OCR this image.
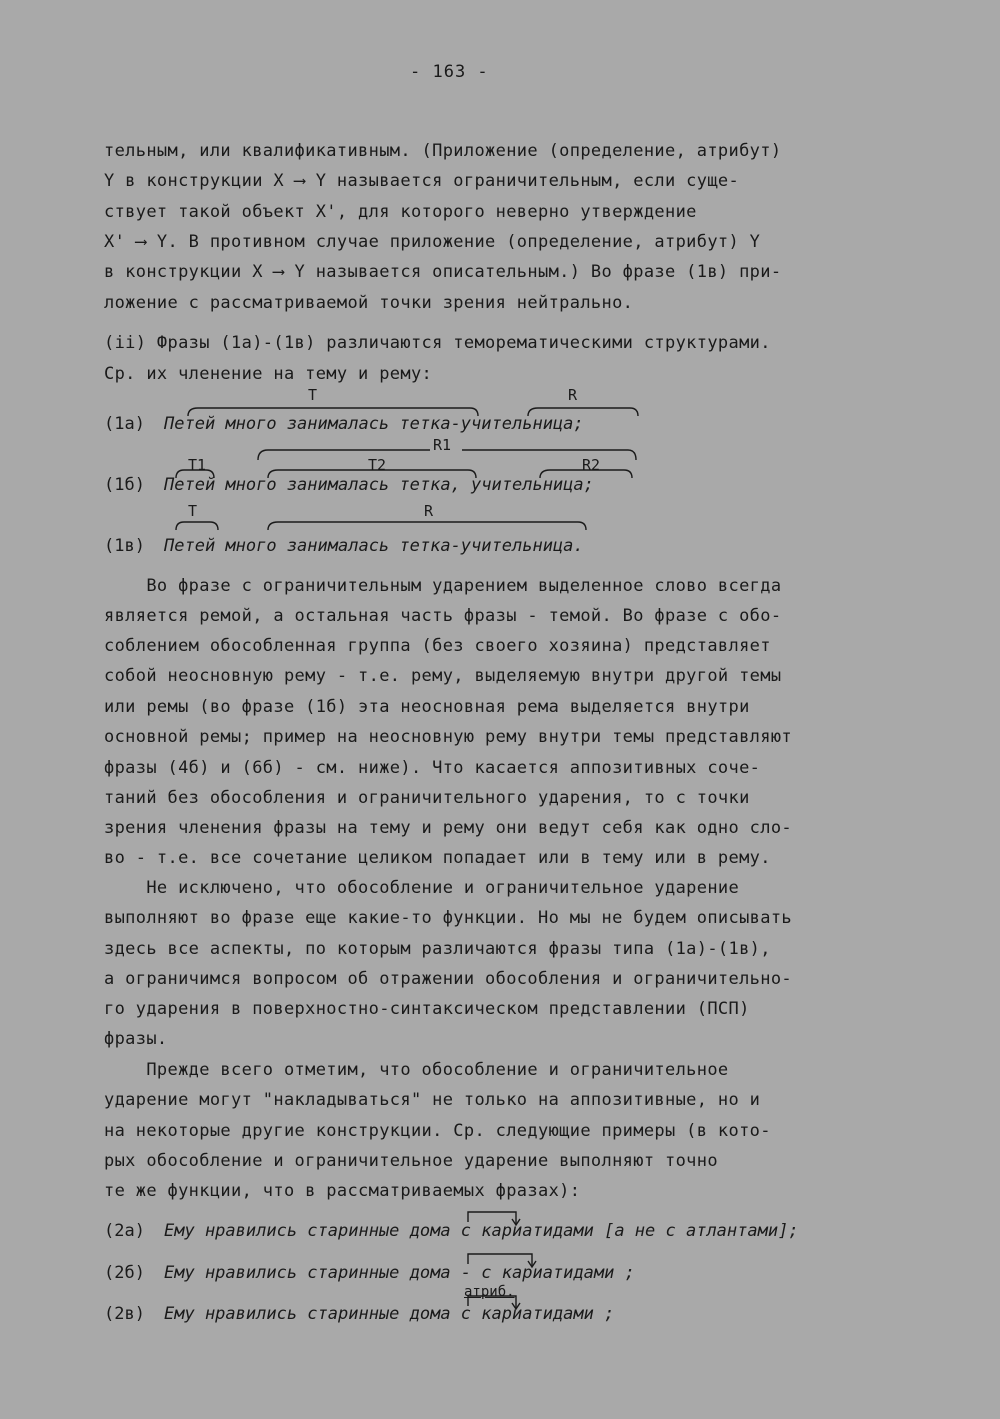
- 163 -
тельным, или квалификативным. (Приложение (определение, атрибут)
Y в конструкции X ⟶ Y называется ограничительным, если суще-
ствует такой объект X', для которого неверно утверждение
X' ⟶ Y. В противном случае приложение (определение, атрибут) Y
в конструкции X ⟶ Y называется описательным.) Во фразе (1в) при-
ложение с рассматриваемой точки зрения нейтрально.
(ii) Фразы (1а)-(1в) различаются теморематическими структурами.
Ср. их членение на тему и рему:
T	R

(1а)

Петей много занималась тетка-учительница;

R1
T1	T2	R2

(1б)

Петей много занималась тетка, учительница;

T	R

(1в)

Петей много занималась тетка-учительница.

Во фразе с ограничительным ударением выделенное слово всегда
является ремой, а остальная часть фразы - темой. Во фразе с обо-
соблением обособленная группа (без своего хозяина) представляет
собой неосновную рему - т.е. рему, выделяемую внутри другой темы
или ремы (во фразе (1б) эта неосновная рема выделяется внутри
основной ремы; пример на неосновную рему внутри темы представляют
фразы (4б) и (6б) - см. ниже). Что касается аппозитивных сочe-
таний без обособления и ограничительного ударения, то с точки
зрения членения фразы на тему и рему они ведут себя как одно сло-
во - т.е. все сочетание целиком попадает или в тему или в рему.
Не исключено, что обособление и ограничительное ударение
выполняют во фразе еще какие-то функции. Но мы не будем описывать
здесь все аспекты, по которым различаются фразы типа (1а)-(1в),
а ограничимся вопросом об отражении обособления и ограничительно-
го ударения в поверхностно-синтаксическом представлении (ПСП)
фразы.
Прежде всего отметим, что обособление и ограничительное
ударение могут "накладываться" не только на аппозитивные, но и
на некоторые другие конструкции. Ср. следующие примеры (в кото-
рых обособление и ограничительное ударение выполняют точно
те же функции, что в рассматриваемых фразах):

(2а)

Ему нравились старинные дома с кариатидами [а не с атлантами];

(2б)

Ему нравились старинные дома - с кариатидами ;

атриб.

(2в)

Ему нравились старинные дома с кариатидами ;
